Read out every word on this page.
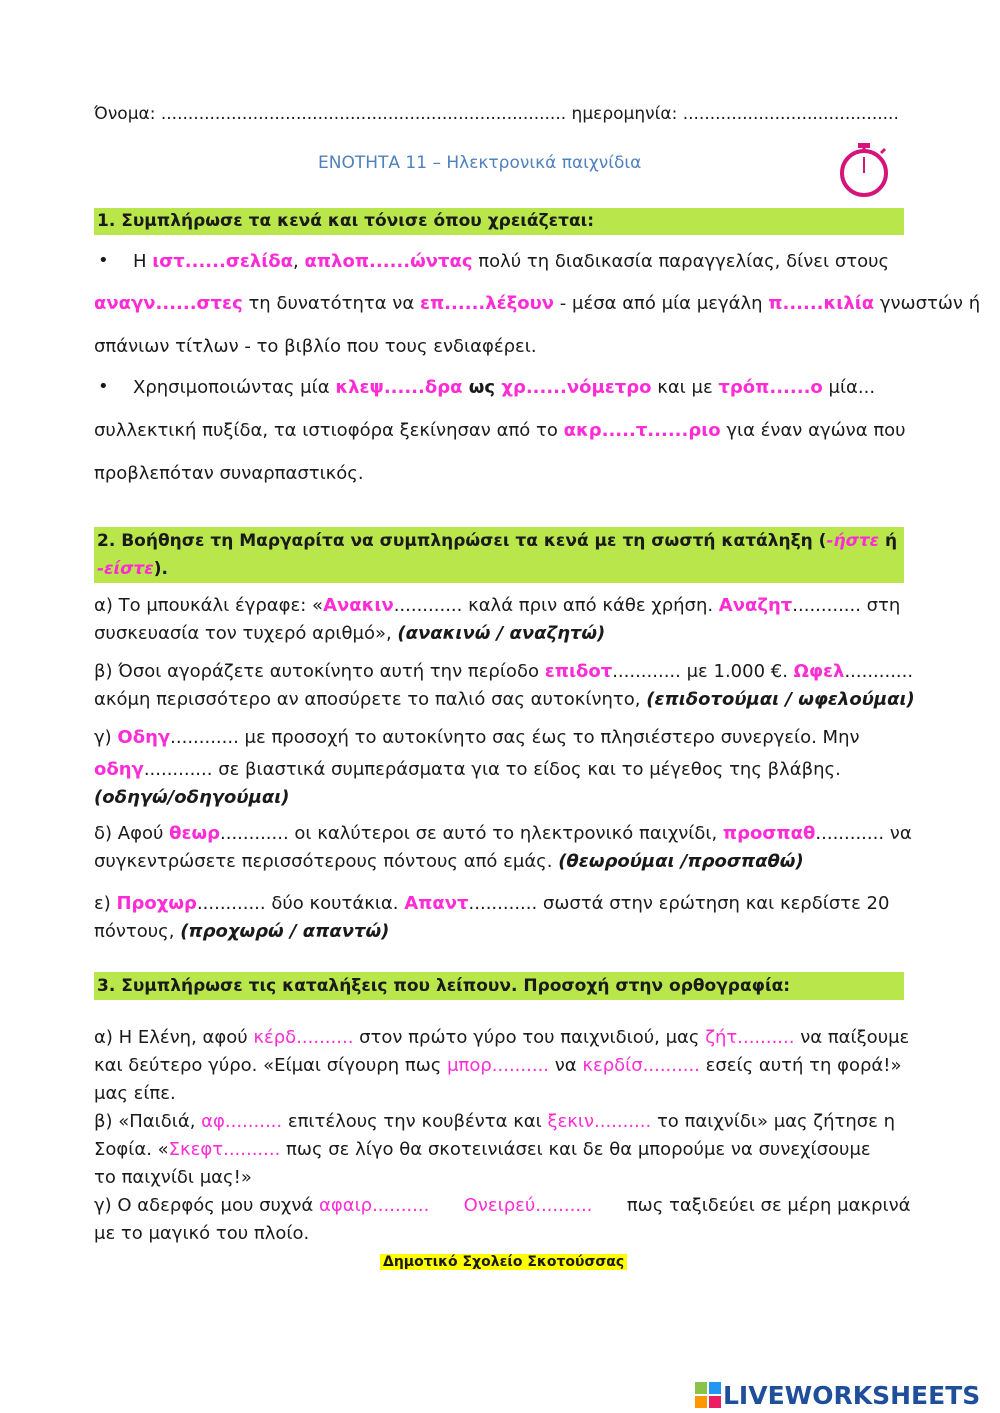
Όνομα: ........................................................................... ημερομηνία: ........................................
ΕΝΟΤΗΤΑ 11 – Ηλεκτρονικά παιχνίδια
1. Συμπλήρωσε τα κενά και τόνισε όπου χρειάζεται:
• Η ιστ......σελίδα, απλοπ......ώντας πολύ τη διαδικασία παραγγελίας, δίνει στους
αναγν......στες τη δυνατότητα να επ......λέξουν - μέσα από μία μεγάλη π......κιλία γνωστών ή
σπάνιων τίτλων - το βιβλίο που τους ενδιαφέρει.
• Χρησιμοποιώντας μία κλεψ......δρα ως χρ......νόμετρο και με τρόπ......ο μία...
συλλεκτική πυξίδα, τα ιστιοφόρα ξεκίνησαν από το ακρ.....τ......ριο για έναν αγώνα που
προβλεπόταν συναρπαστικός.
2. Βοήθησε τη Μαργαρίτα να συμπληρώσει τα κενά με τη σωστή κατάληξη (-ήστε ή
-είστε).
α) Το μπουκάλι έγραφε: «Ανακιν............ καλά πριν από κάθε χρήση. Αναζητ............ στη
συσκευασία τον τυχερό αριθμό», (ανακινώ / αναζητώ)
β) Όσοι αγοράζετε αυτοκίνητο αυτή την περίοδο επιδοτ............ με 1.000 €. Ωφελ............
ακόμη περισσότερο αν αποσύρετε το παλιό σας αυτοκίνητο, (επιδοτούμαι / ωφελούμαι)
γ) Οδηγ............ με προσοχή το αυτοκίνητο σας έως το πλησιέστερο συνεργείο. Μην
οδηγ............ σε βιαστικά συμπεράσματα για το είδος και το μέγεθος της βλάβης.
(οδηγώ/οδηγούμαι)
δ) Αφού θεωρ............ οι καλύτεροι σε αυτό το ηλεκτρονικό παιχνίδι, προσπαθ............ να
συγκεντρώσετε περισσότερους πόντους από εμάς. (θεωρούμαι /προσπαθώ)
ε) Προχωρ............ δύο κουτάκια. Απαντ............ σωστά στην ερώτηση και κερδίστε 20
πόντους, (προχωρώ / απαντώ)
3. Συμπλήρωσε τις καταλήξεις που λείπουν. Προσοχή στην ορθογραφία:
α) Η Ελένη, αφού κέρδ.......... στον πρώτο γύρο του παιχνιδιού, μας ζήτ.......... να παίξουμε
και δεύτερο γύρο. «Είμαι σίγουρη πως μπορ.......... να κερδίσ.......... εσείς αυτή τη φορά!»
μας είπε.
β) «Παιδιά, αφ.......... επιτέλους την κουβέντα και ξεκιν.......... το παιχνίδι» μας ζήτησε η
Σοφία. «Σκεφτ.......... πως σε λίγο θα σκοτεινιάσει και δε θα μπορούμε να συνεχίσουμε
το παιχνίδι μας!»
γ) Ο αδερφός μου συχνά αφαιρ.......... Ονειρεύ..........      πως ταξιδεύει σε μέρη μακρινά
με το μαγικό του πλοίο.
Δημοτικό Σχολείο Σκοτούσσας
LIVEWORKSHEETS
